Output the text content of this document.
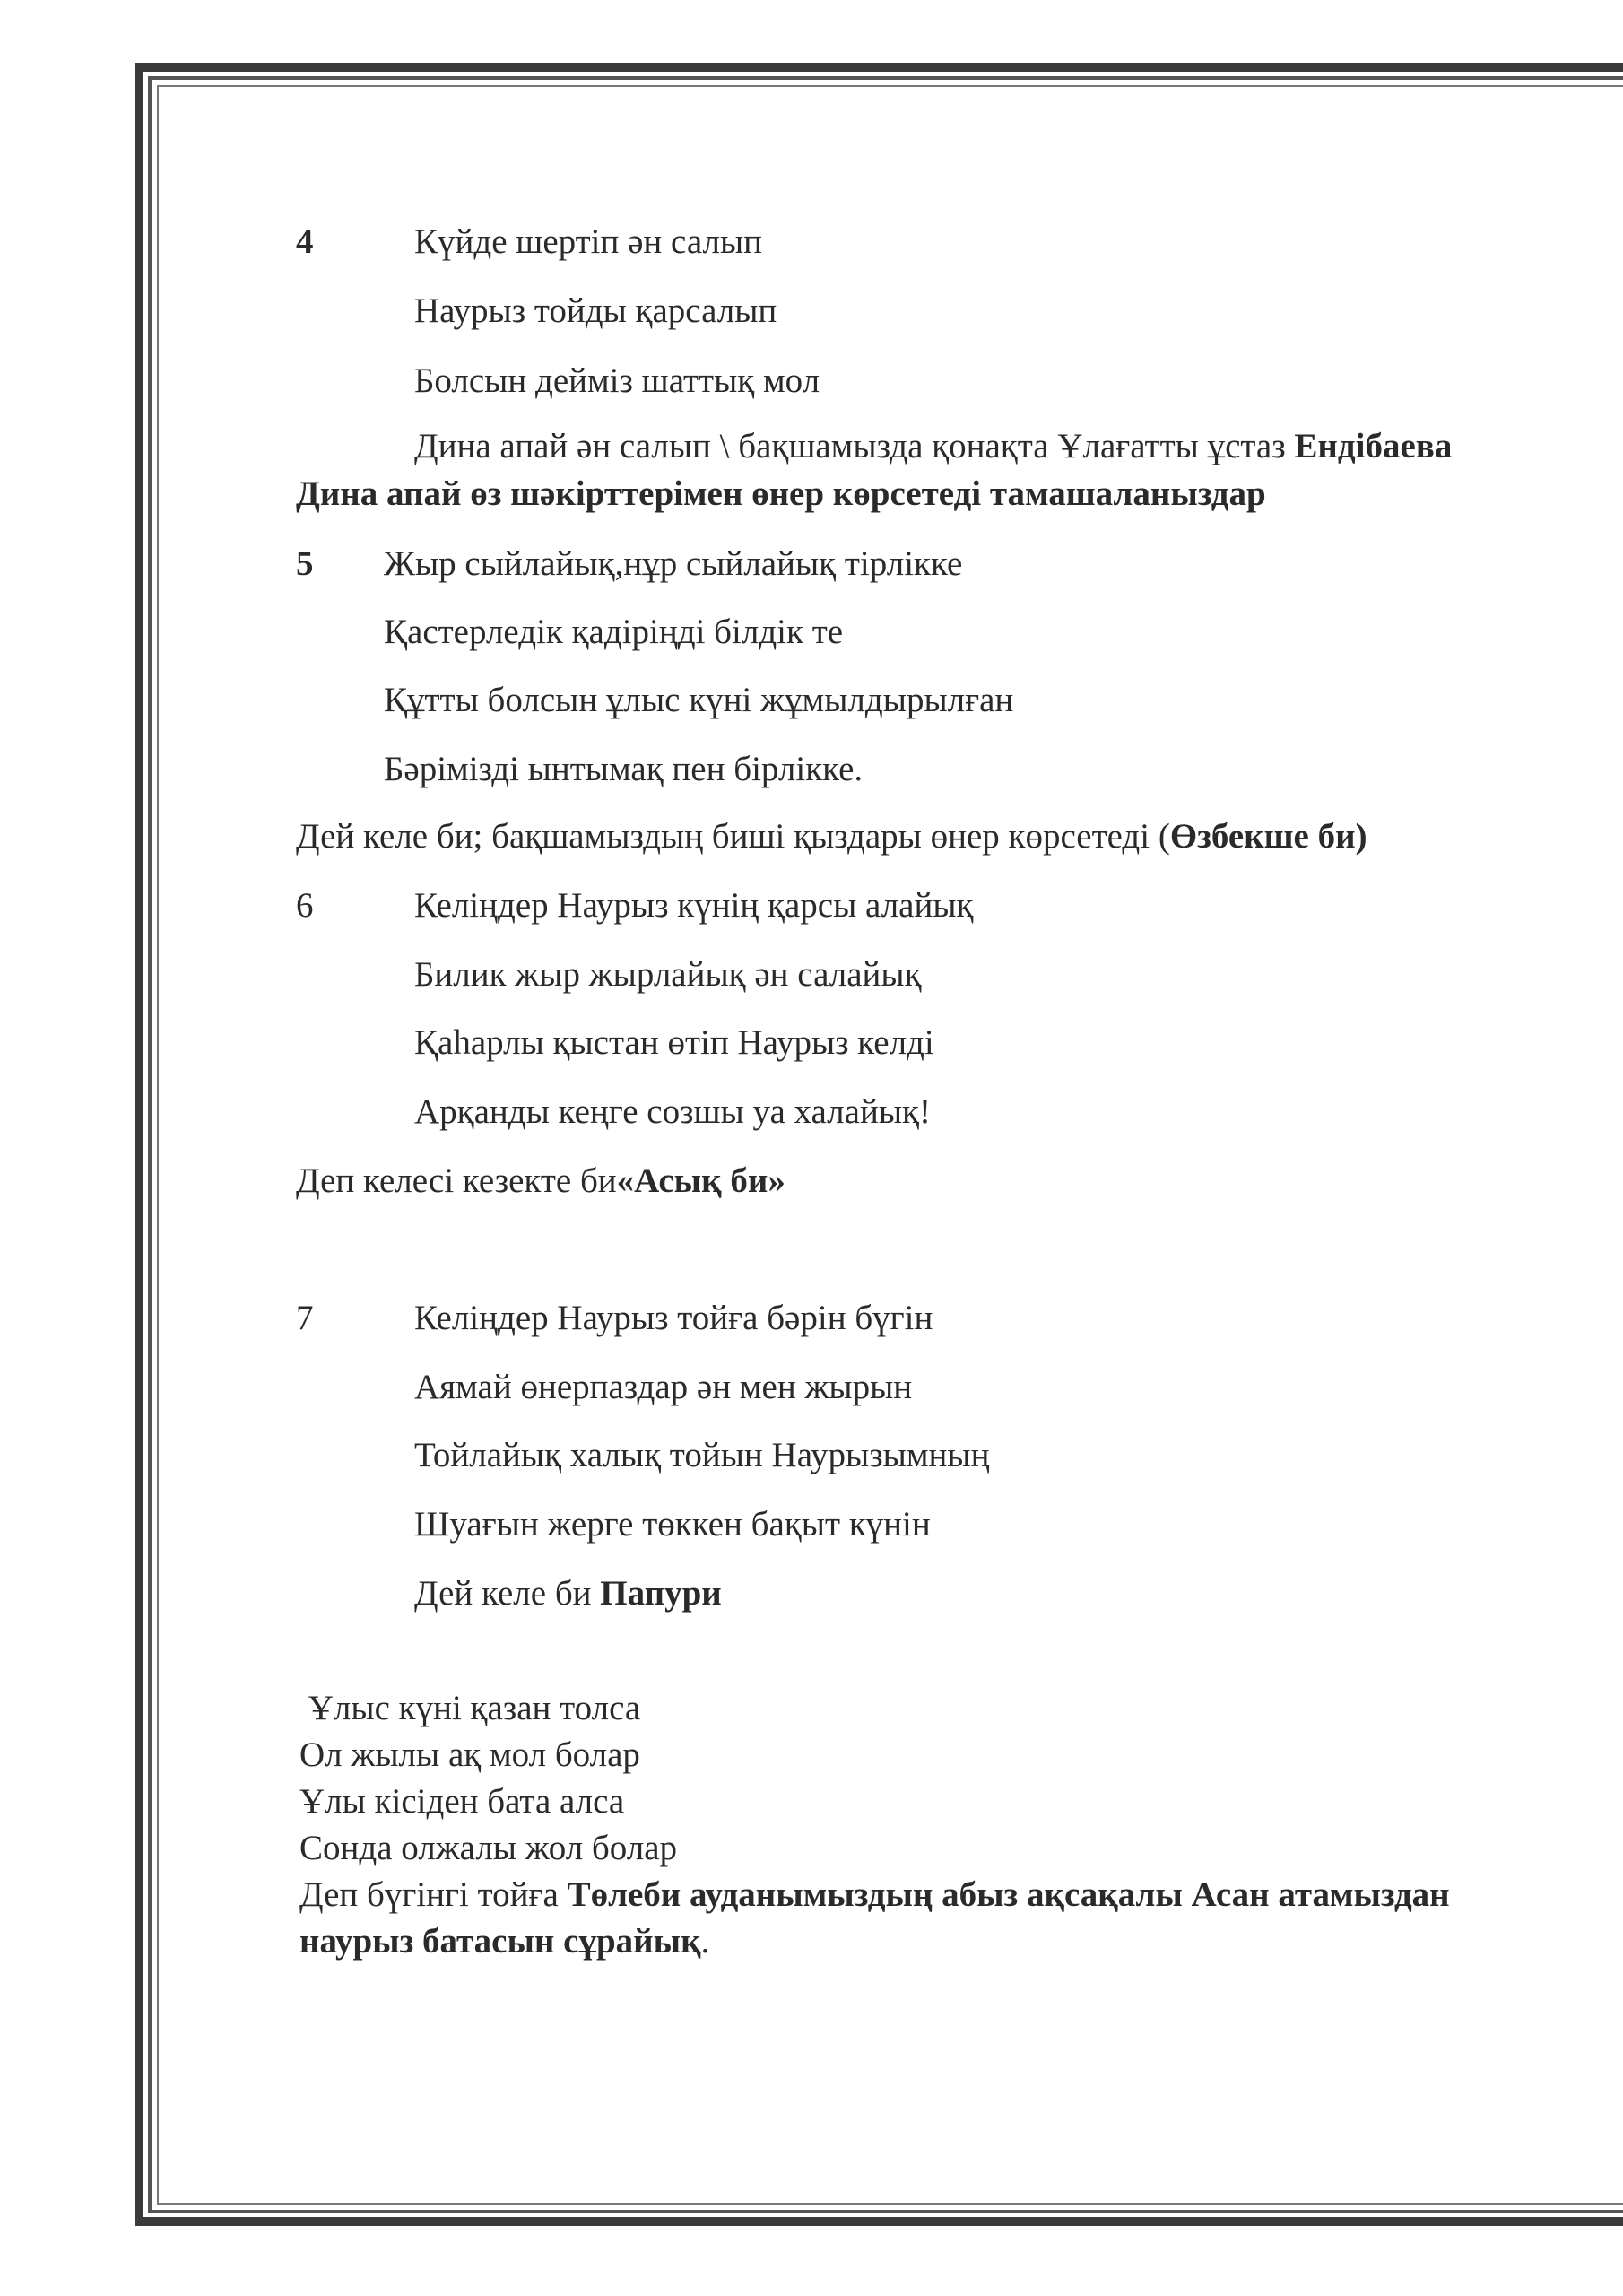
4	Күйде шертіп ән салып
Наурыз тойды қарсалып
Болсын дейміз шаттық мол
Дина апай ән салып \ бақшамызда қонақта Ұлағатты ұстаз Ендібаева
Дина апай өз шәкірттерімен өнер көрсетеді тамашаланыздар
5 Жыр сыйлайық,нұр сыйлайық тірлікке
Қастерледік қадіріңді білдік те
Құтты болсын ұлыс күні жұмылдырылған
Бәрімізді ынтымақ пен бірлікке.
Дей келе би; бақшамыздың биші қыздары өнер көрсетеді (Өзбекше би)
6	Келіңдер Наурыз күнің қарсы алайық
Билик жыр жырлайық ән салайық
Қаһарлы қыстан өтіп Наурыз келді
Арқанды кеңге созшы уа халайық!
Деп келесі кезекте би«Асық би»
7	Келіңдер Наурыз тойға бәрін бүгін
Аямай өнерпаздар ән мен жырын
Тойлайық халық тойын Наурызымның
Шуағын жерге төккен бақыт күнін
Дей келе би Папури
Ұлыс күні қазан толса
Ол жылы ақ мол болар
Ұлы кісіден бата алса
Сонда олжалы жол болар
Деп бүгінгі тойға Төлеби ауданымыздың абыз ақсақалы Асан атамыздан
наурыз батасын сұрайық.
